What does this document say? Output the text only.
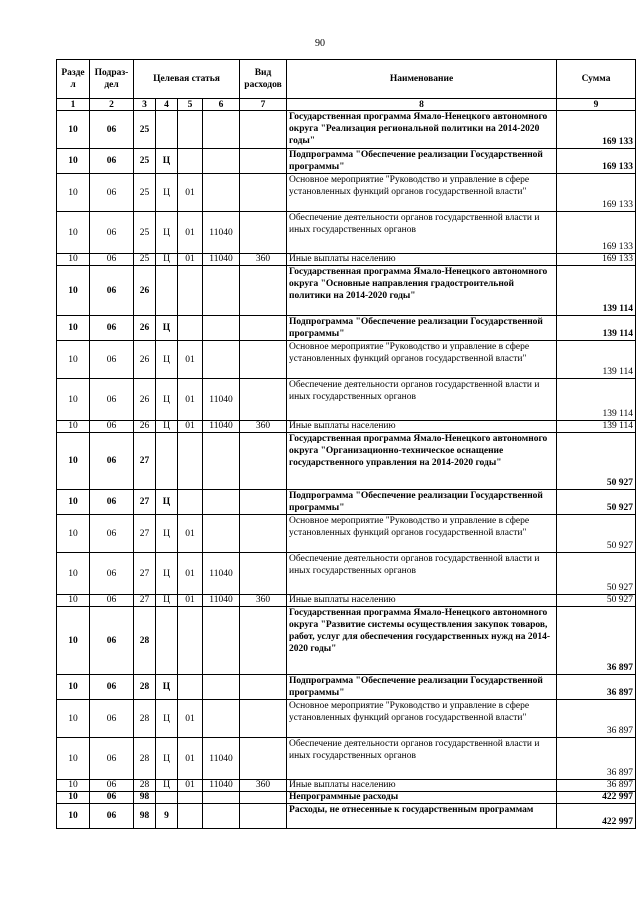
90
Разде л	Подраз- дел	Целевая статья				Вид расходов	Наименование	Сумма
1	2	3	4	5	6	7	8	9
10	06	25					Государственная программа Ямало-Ненецкого автономного округа "Реализация региональной политики на 2014-2020 годы"	169 133
10	06	25	Ц				Подпрограмма "Обеспечение реализации Государственной программы"	169 133
10	06	25	Ц	01			Основное мероприятие "Руководство и управление в сфере установленных функций органов государственной власти"	169 133
10	06	25	Ц	01	11040		Обеспечение деятельности органов государственной власти и иных государственных органов	169 133
10	06	25	Ц	01	11040	360	Иные выплаты населению	169 133
10	06	26					Государственная программа Ямало-Ненецкого автономного округа "Основные направления градостроительной политики на 2014-2020 годы"	139 114
10	06	26	Ц				Подпрограмма "Обеспечение реализации Государственной программы"	139 114
10	06	26	Ц	01			Основное мероприятие "Руководство и управление в сфере установленных функций органов государственной власти"	139 114
10	06	26	Ц	01	11040		Обеспечение деятельности органов государственной власти и иных государственных органов	139 114
10	06	26	Ц	01	11040	360	Иные выплаты населению	139 114
10	06	27					Государственная программа Ямало-Ненецкого автономного округа "Организационно-техническое оснащение государственного управления на 2014-2020 годы"	50 927
10	06	27	Ц				Подпрограмма "Обеспечение реализации Государственной программы"	50 927
10	06	27	Ц	01			Основное мероприятие "Руководство и управление в сфере установленных функций органов государственной власти"	50 927
10	06	27	Ц	01	11040		Обеспечение деятельности органов государственной власти и иных государственных органов	50 927
10	06	27	Ц	01	11040	360	Иные выплаты населению	50 927
10	06	28					Государственная программа Ямало-Ненецкого автономного округа "Развитие системы осуществления закупок товаров, работ, услуг для обеспечения государственных нужд на 2014-2020 годы"	36 897
10	06	28	Ц				Подпрограмма "Обеспечение реализации Государственной программы"	36 897
10	06	28	Ц	01			Основное мероприятие "Руководство и управление в сфере установленных функций органов государственной власти"	36 897
10	06	28	Ц	01	11040		Обеспечение деятельности органов государственной власти и иных государственных органов	36 897
10	06	28	Ц	01	11040	360	Иные выплаты населению	36 897
10	06	98					Непрограммные расходы	422 997
10	06	98	9				Расходы, не отнесенные к государственным программам	422 997
